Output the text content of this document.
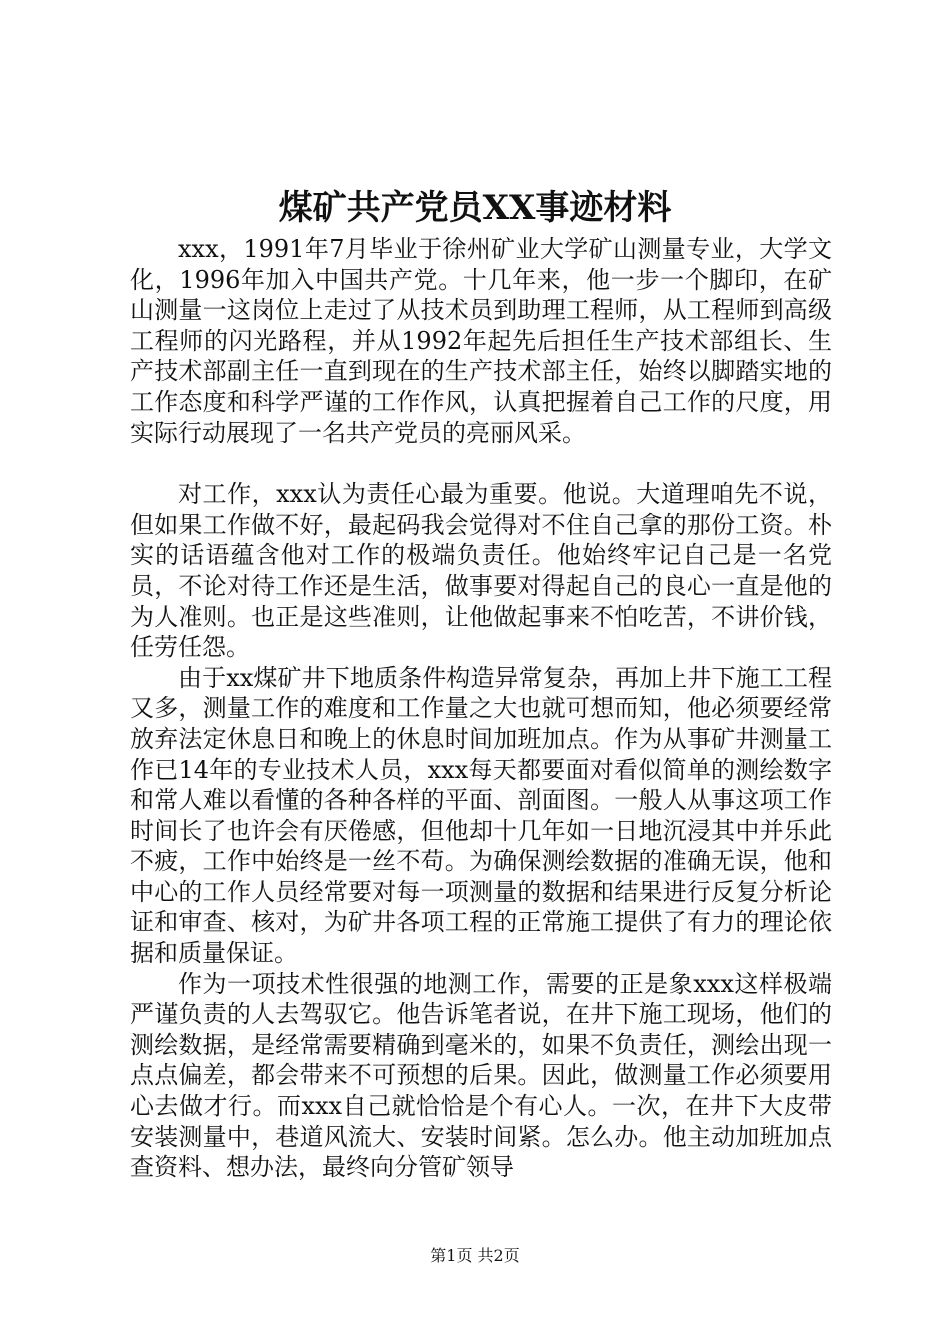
煤矿共产党员XX事迹材料

xxx，1991年7月毕业于徐州矿业大学矿山测量专业，大学文化，1996年加入中国共产党。十几年来，他一步一个脚印，在矿山测量一这岗位上走过了从技术员到助理工程师，从工程师到高级工程师的闪光路程，并从1992年起先后担任生产技术部组长、生产技术部副主任一直到现在的生产技术部主任，始终以脚踏实地的工作态度和科学严谨的工作作风，认真把握着自己工作的尺度，用实际行动展现了一名共产党员的亮丽风采。

对工作，xxx认为责任心最为重要。他说。大道理咱先不说，但如果工作做不好，最起码我会觉得对不住自己拿的那份工资。朴实的话语蕴含他对工作的极端负责任。他始终牢记自己是一名党员，不论对待工作还是生活，做事要对得起自己的良心一直是他的为人准则。也正是这些准则，让他做起事来不怕吃苦，不讲价钱，任劳任怨。

由于xx煤矿井下地质条件构造异常复杂，再加上井下施工工程又多，测量工作的难度和工作量之大也就可想而知，他必须要经常放弃法定休息日和晚上的休息时间加班加点。作为从事矿井测量工作已14年的专业技术人员，xxx每天都要面对看似简单的测绘数字和常人难以看懂的各种各样的平面、剖面图。一般人从事这项工作时间长了也许会有厌倦感，但他却十几年如一日地沉浸其中并乐此不疲，工作中始终是一丝不苟。为确保测绘数据的准确无误，他和中心的工作人员经常要对每一项测量的数据和结果进行反复分析论证和审查、核对，为矿井各项工程的正常施工提供了有力的理论依据和质量保证。

作为一项技术性很强的地测工作，需要的正是象xxx这样极端严谨负责的人去驾驭它。他告诉笔者说，在井下施工现场，他们的测绘数据，是经常需要精确到毫米的，如果不负责任，测绘出现一点点偏差，都会带来不可预想的后果。因此，做测量工作必须要用心去做才行。而xxx自己就恰恰是个有心人。一次，在井下大皮带安装测量中，巷道风流大、安装时间紧。怎么办。他主动加班加点查资料、想办法，最终向分管矿领导

第1页 共2页
